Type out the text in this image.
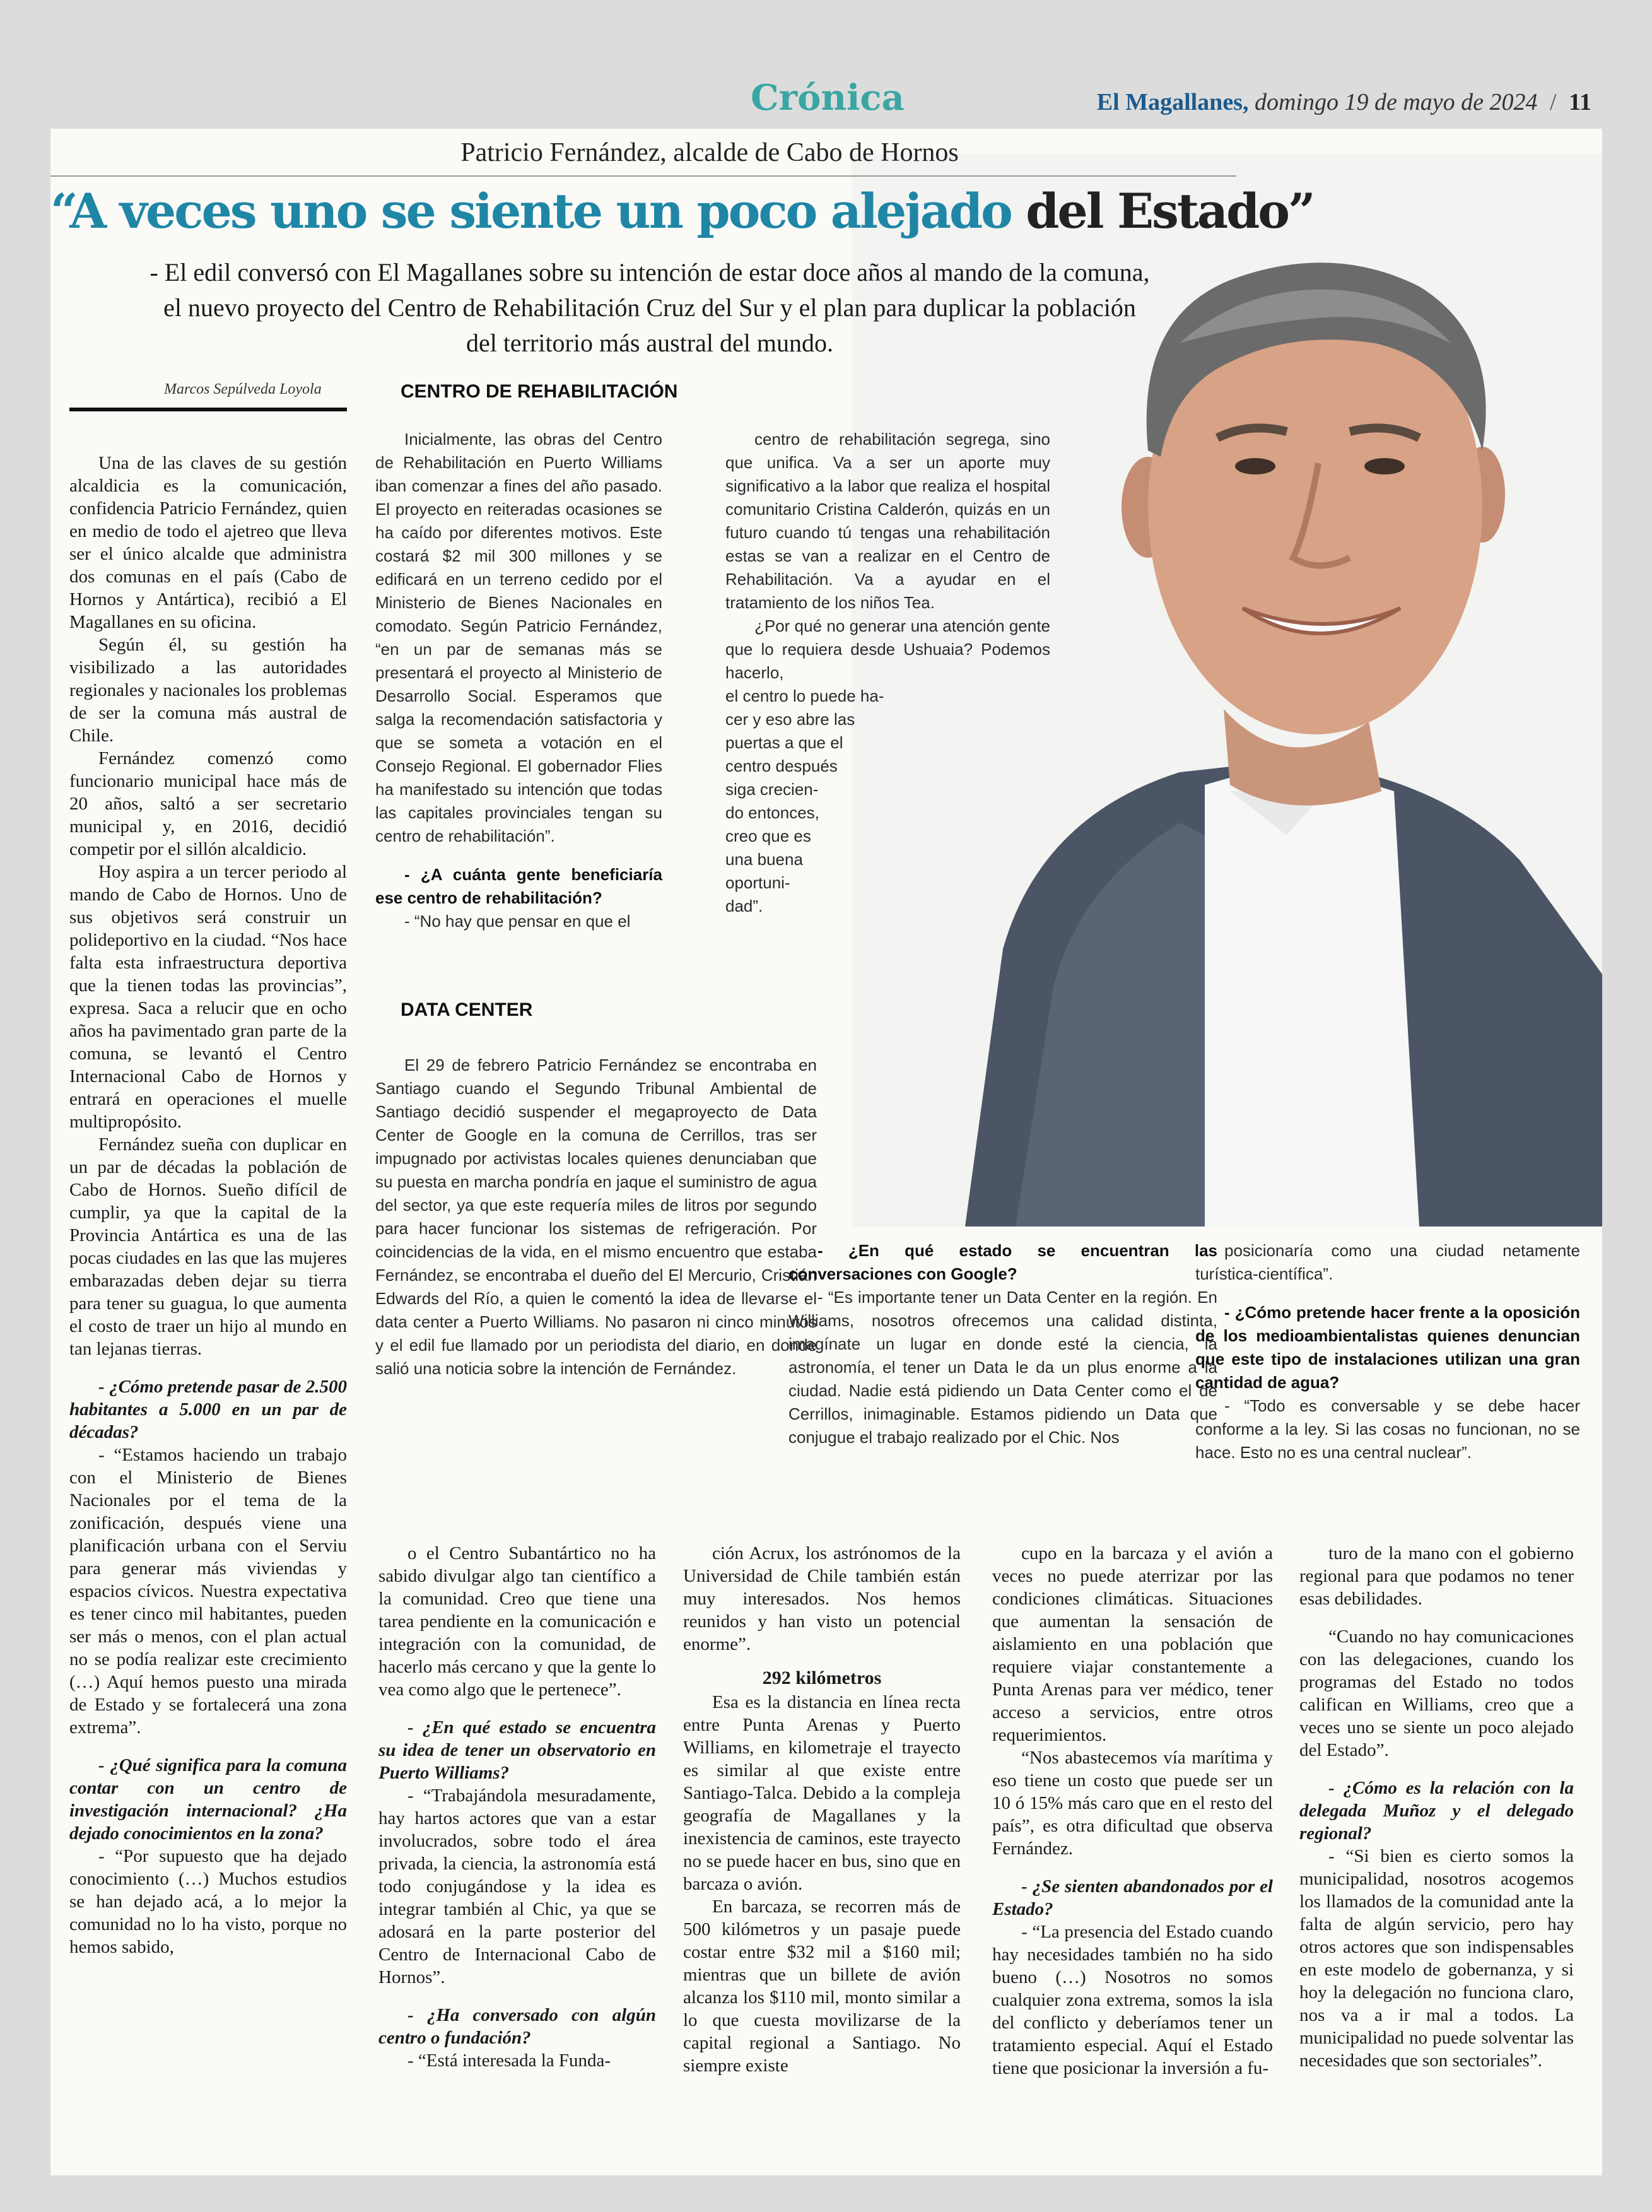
Crónica	El Magallanes, domingo 19 de mayo de 2024 / 11
Patricio Fernández, alcalde de Cabo de Hornos
“A veces uno se siente un poco alejado del Estado”
- El edil conversó con El Magallanes sobre su intención de estar doce años al mando de la comuna, el nuevo proyecto del Centro de Rehabilitación Cruz del Sur y el plan para duplicar la población del territorio más austral del mundo.
Marcos Sepúlveda Loyola

Una de las claves de su gestión alcaldicia es la comunicación, confidencia Patricio Fernández, quien en medio de todo el ajetreo que lleva ser el único alcalde que administra dos comunas en el país (Cabo de Hornos y Antártica), recibió a El Magallanes en su oficina.

Según él, su gestión ha visibilizado a las autoridades regionales y nacionales los problemas de ser la comuna más austral de Chile.

Fernández comenzó como funcionario municipal hace más de 20 años, saltó a ser secretario municipal y, en 2016, decidió competir por el sillón alcaldicio.

Hoy aspira a un tercer periodo al mando de Cabo de Hornos. Uno de sus objetivos será construir un polideportivo en la ciudad. “Nos hace falta esta infraestructura deportiva que la tienen todas las provincias”, expresa. Saca a relucir que en ocho años ha pavimentado gran parte de la comuna, se levantó el Centro Internacional Cabo de Hornos y entrará en operaciones el muelle multipropósito.

Fernández sueña con duplicar en un par de décadas la población de Cabo de Hornos. Sueño difícil de cumplir, ya que la capital de la Provincia Antártica es una de las pocas ciudades en las que las mujeres embarazadas deben dejar su tierra para tener su guagua, lo que aumenta el costo de traer un hijo al mundo en tan lejanas tierras.

- ¿Cómo pretende pasar de 2.500 habitantes a 5.000 en un par de décadas?

- “Estamos haciendo un trabajo con el Ministerio de Bienes Nacionales por el tema de la zonificación, después viene una planificación urbana con el Serviu para generar más viviendas y espacios cívicos. Nuestra expectativa es tener cinco mil habitantes, pueden ser más o menos, con el plan actual no se podía realizar este crecimiento (…) Aquí hemos puesto una mirada de Estado y se fortalecerá una zona extrema”.

- ¿Qué significa para la comuna contar con un centro de investigación internacional? ¿Ha dejado conocimientos en la zona?

- “Por supuesto que ha dejado conocimiento (…) Muchos estudios se han dejado acá, a lo mejor la comunidad no lo ha visto, porque no hemos sabido,

CENTRO DE REHABILITACIÓN

Inicialmente, las obras del Centro de Rehabilitación en Puerto Williams iban comenzar a fines del año pasado. El proyecto en reiteradas ocasiones se ha caído por diferentes motivos. Este costará $2 mil 300 millones y se edificará en un terreno cedido por el Ministerio de Bienes Nacionales en comodato. Según Patricio Fernández, “en un par de semanas más se presentará el proyecto al Ministerio de Desarrollo Social. Esperamos que salga la recomendación satisfactoria y que se someta a votación en el Consejo Regional. El gobernador Flies ha manifestado su intención que todas las capitales provinciales tengan su centro de rehabilitación”.

- ¿A cuánta gente beneficiaría ese centro de rehabilitación?

- “No hay que pensar en que el

centro de rehabilitación segrega, sino que unifica. Va a ser un aporte muy significativo a la labor que realiza el hospital comunitario Cristina Calderón, quizás en un futuro cuando tú tengas una rehabilitación estas se van a realizar en el Centro de Rehabilitación. Va a ayudar en el tratamiento de los niños Tea.

¿Por qué no generar una atención gente que lo requiera desde Ushuaia? Podemos hacerlo,

el centro lo puede ha-
cer y eso abre las
puertas a que el
centro después
siga crecien-
do entonces,
creo que es
una buena
oportuni-
dad”.
DATA CENTER

El 29 de febrero Patricio Fernández se encontraba en Santiago cuando el Segundo Tribunal Ambiental de Santiago decidió suspender el megaproyecto de Data Center de Google en la comuna de Cerrillos, tras ser impugnado por activistas locales quienes denunciaban que su puesta en marcha pondría en jaque el suministro de agua del sector, ya que este requería miles de litros por segundo para hacer funcionar los sistemas de refrigeración. Por coincidencias de la vida, en el mismo encuentro que estaba Fernández, se encontraba el dueño del El Mercurio, Cristián Edwards del Río, a quien le comentó la idea de llevarse el data center a Puerto Williams. No pasaron ni cinco minutos y el edil fue llamado por un periodista del diario, en donde salió una noticia sobre la intención de Fernández.

- ¿En qué estado se encuentran las conversaciones con Google?

- “Es importante tener un Data Center en la región. En Williams, nosotros ofrecemos una calidad distinta, imagínate un lugar en donde esté la ciencia, la astronomía, el tener un Data le da un plus enorme a la ciudad. Nadie está pidiendo un Data Center como el de Cerrillos, inimaginable. Estamos pidiendo un Data que conjugue el trabajo realizado por el Chic. Nos

posicionaría como una ciudad netamente turística-científica”.

- ¿Cómo pretende hacer frente a la oposición de los medioambientalistas quienes denuncian que este tipo de instalaciones utilizan una gran cantidad de agua?

- “Todo es conversable y se debe hacer conforme a la ley. Si las cosas no funcionan, no se hace. Esto no es una central nuclear”.

o el Centro Subantártico no ha sabido divulgar algo tan científico a la comunidad. Creo que tiene una tarea pendiente en la comunicación e integración con la comunidad, de hacerlo más cercano y que la gente lo vea como algo que le pertenece”.

- ¿En qué estado se encuentra su idea de tener un observatorio en Puerto Williams?

- “Trabajándola mesuradamente, hay hartos actores que van a estar involucrados, sobre todo el área privada, la ciencia, la astronomía está todo conjugándose y la idea es integrar también al Chic, ya que se adosará en la parte posterior del Centro de Internacional Cabo de Hornos”.

- ¿Ha conversado con algún centro o fundación?

- “Está interesada la Funda-

ción Acrux, los astrónomos de la Universidad de Chile también están muy interesados. Nos hemos reunidos y han visto un potencial enorme”.

292 kilómetros

Esa es la distancia en línea recta entre Punta Arenas y Puerto Williams, en kilometraje el trayecto es similar al que existe entre Santiago-Talca. Debido a la compleja geografía de Magallanes y la inexistencia de caminos, este trayecto no se puede hacer en bus, sino que en barcaza o avión.

En barcaza, se recorren más de 500 kilómetros y un pasaje puede costar entre $32 mil a $160 mil; mientras que un billete de avión alcanza los $110 mil, monto similar a lo que cuesta movilizarse de la capital regional a Santiago. No siempre existe

cupo en la barcaza y el avión a veces no puede aterrizar por las condiciones climáticas. Situaciones que aumentan la sensación de aislamiento en una población que requiere viajar constantemente a Punta Arenas para ver médico, tener acceso a servicios, entre otros requerimientos.

“Nos abastecemos vía marítima y eso tiene un costo que puede ser un 10 ó 15% más caro que en el resto del país”, es otra dificultad que observa Fernández.

- ¿Se sienten abandonados por el Estado?

- “La presencia del Estado cuando hay necesidades también no ha sido bueno (…) Nosotros no somos cualquier zona extrema, somos la isla del conflicto y deberíamos tener un tratamiento especial. Aquí el Estado tiene que posicionar la inversión a fu-

turo de la mano con el gobierno regional para que podamos no tener esas debilidades.

“Cuando no hay comunicaciones con las delegaciones, cuando los programas del Estado no todos califican en Williams, creo que a veces uno se siente un poco alejado del Estado”.

- ¿Cómo es la relación con la delegada Muñoz y el delegado regional?

- “Si bien es cierto somos la municipalidad, nosotros acogemos los llamados de la comunidad ante la falta de algún servicio, pero hay otros actores que son indispensables en este modelo de gobernanza, y si hoy la delegación no funciona claro, nos va a ir mal a todos. La municipalidad no puede solventar las necesidades que son sectoriales”.
